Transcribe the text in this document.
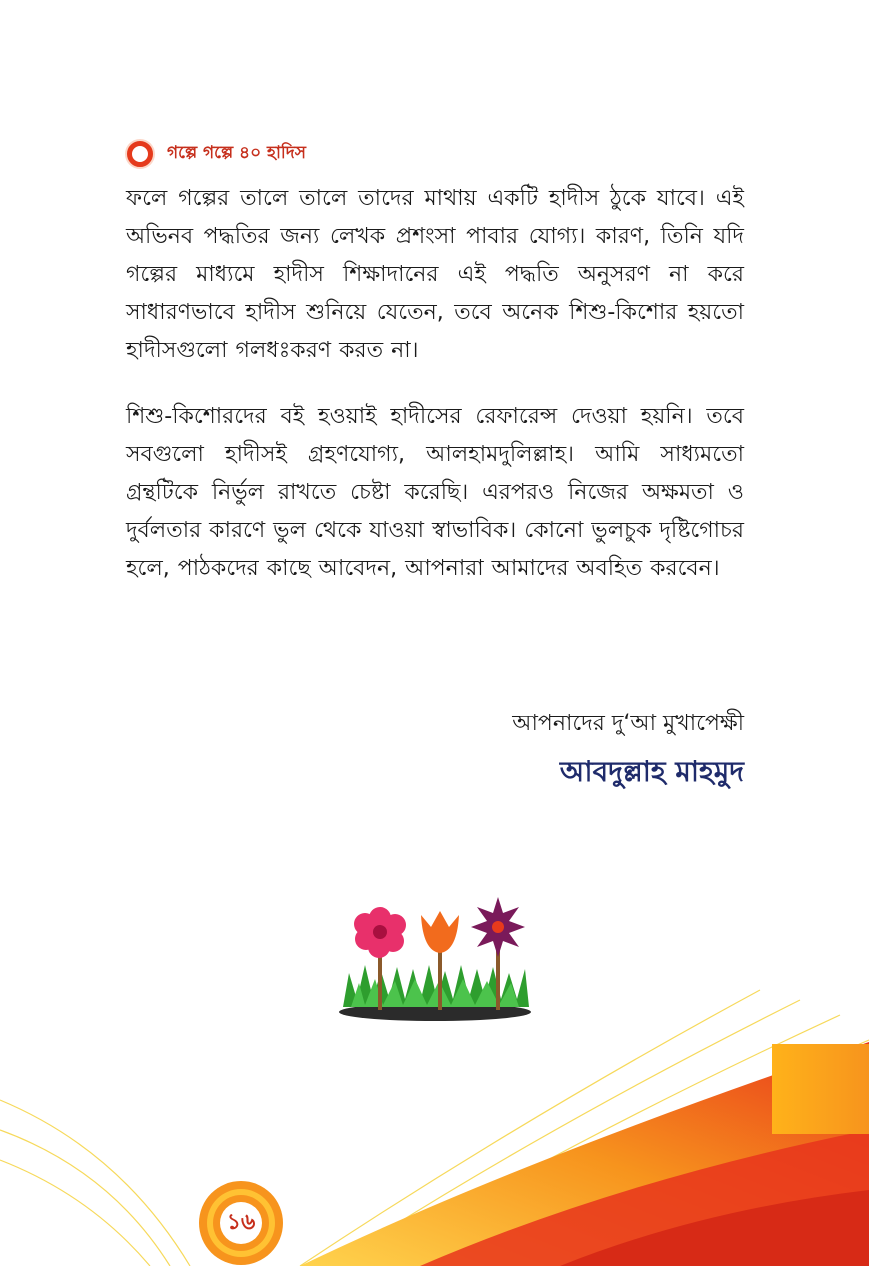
গল্পে গল্পে ৪০ হাদিস

ফলে গল্পের তালে তালে তাদের মাথায় একটি হাদীস ঠুকে যাবে। এই অভিনব পদ্ধতির জন্য লেখক প্রশংসা পাবার যোগ্য। কারণ, তিনি যদি গল্পের মাধ্যমে হাদীস শিক্ষাদানের এই পদ্ধতি অনুসরণ না করে সাধারণভাবে হাদীস শুনিয়ে যেতেন, তবে অনেক শিশু-কিশোর হয়তো হাদীসগুলো গলধঃকরণ করত না।

শিশু-কিশোরদের বই হওয়াই হাদীসের রেফারেন্স দেওয়া হয়নি। তবে সবগুলো হাদীসই গ্রহণযোগ্য, আলহামদুলিল্লাহ। আমি সাধ্যমতো গ্রন্থটিকে নির্ভুল রাখতে চেষ্টা করেছি। এরপরও নিজের অক্ষমতা ও দুর্বলতার কারণে ভুল থেকে যাওয়া স্বাভাবিক। কোনো ভুলচুক দৃষ্টিগোচর হলে, পাঠকদের কাছে আবেদন, আপনারা আমাদের অবহিত করবেন।

আপনাদের দু‘আ মুখাপেক্ষী

আবদুল্লাহ মাহমুদ

১৬
